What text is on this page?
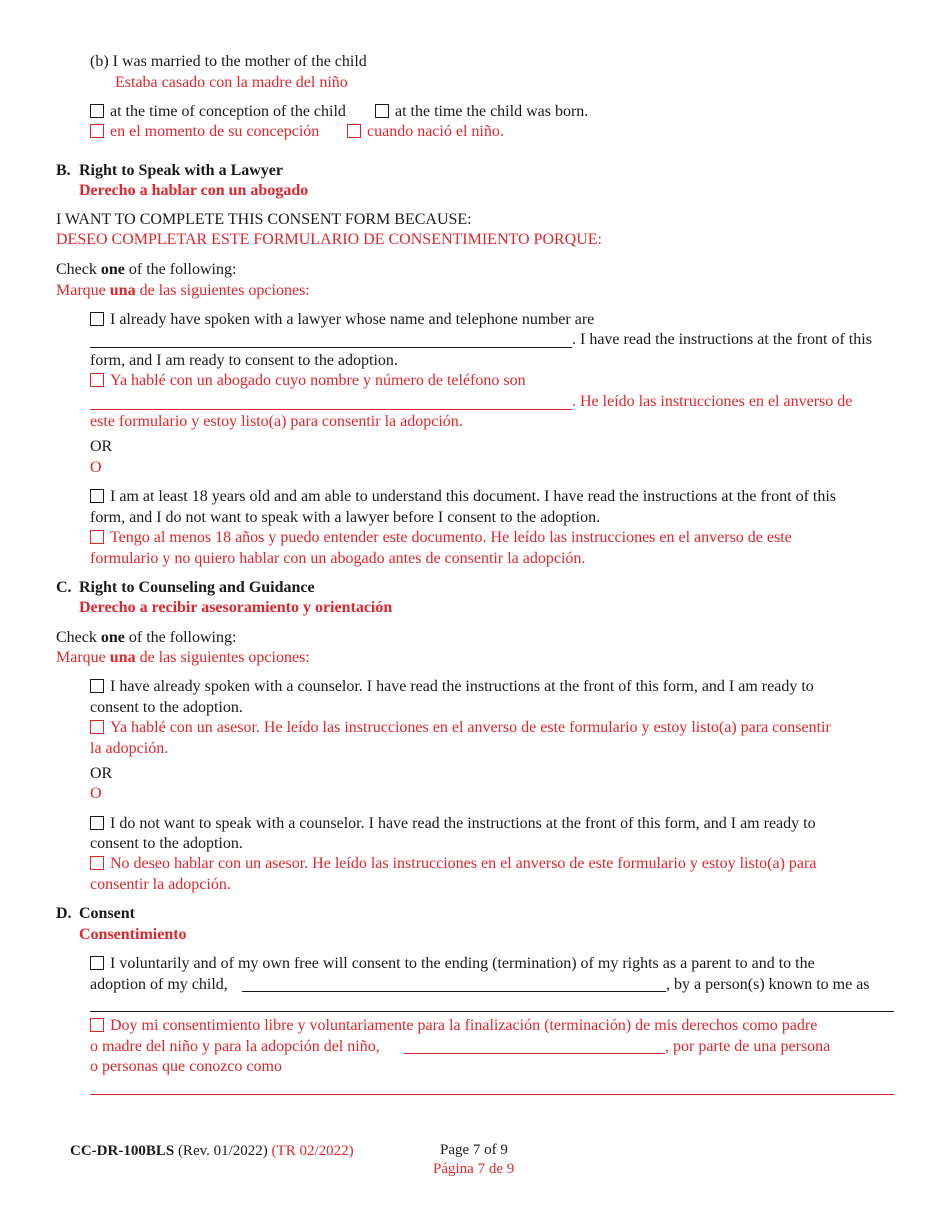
(b) I was married to the mother of the child
Estaba casado con la madre del niño
at the time of conception of the child	at the time the child was born.
en el momento de su concepción	cuando nació el niño.
B. Right to Speak with a Lawyer
Derecho a hablar con un abogado
I WANT TO COMPLETE THIS CONSENT FORM BECAUSE:
DESEO COMPLETAR ESTE FORMULARIO DE CONSENTIMIENTO PORQUE:
Check one of the following:
Marque una de las siguientes opciones:
I already have spoken with a lawyer whose name and telephone number are
. I have read the instructions at the front of this
form, and I am ready to consent to the adoption.
Ya hablé con un abogado cuyo nombre y número de teléfono son
. He leído las instrucciones en el anverso de
este formulario y estoy listo(a) para consentir la adopción.
OR
O
I am at least 18 years old and am able to understand this document. I have read the instructions at the front of this
form, and I do not want to speak with a lawyer before I consent to the adoption.
Tengo al menos 18 años y puedo entender este documento. He leído las instrucciones en el anverso de este
formulario y no quiero hablar con un abogado antes de consentir la adopción.
C. Right to Counseling and Guidance
Derecho a recibir asesoramiento y orientación
Check one of the following:
Marque una de las siguientes opciones:
I have already spoken with a counselor. I have read the instructions at the front of this form, and I am ready to
consent to the adoption.
Ya hablé con un asesor. He leído las instrucciones en el anverso de este formulario y estoy listo(a) para consentir
la adopción.
OR
O
I do not want to speak with a counselor. I have read the instructions at the front of this form, and I am ready to
consent to the adoption.
No deseo hablar con un asesor. He leído las instrucciones en el anverso de este formulario y estoy listo(a) para
consentir la adopción.
D. Consent
Consentimiento
I voluntarily and of my own free will consent to the ending (termination) of my rights as a parent to and to the
adoption of my child,	, by a person(s) known to me as
Doy mi consentimiento libre y voluntariamente para la finalización (terminación) de mis derechos como padre
o madre del niño y para la adopción del niño,	, por parte de una persona
o personas que conozco como
CC-DR-100BLS (Rev. 01/2022) (TR 02/2022)	Page 7 of 9
Página 7 de 9
